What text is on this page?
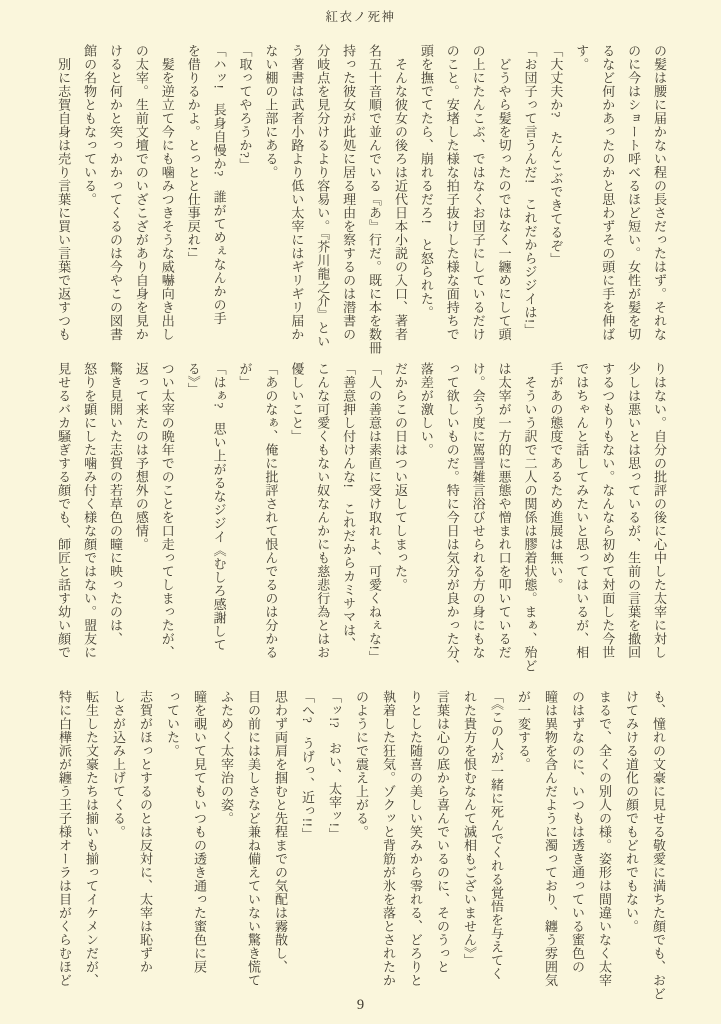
紅衣ノ死神
の髪は腰に届かない程の長さだったはず。それな
のに今はショート呼べるほど短い。女性が髪を切
るなど何かあったのかと思わずその頭に手を伸ば
す。
「大丈夫か?　たんこぶできてるぞ」
「お団子って言うんだ!　これだからジジイは!」
　どうやら髪を切ったのではなく一纏めにして頭
の上にたんこぶ、ではなくお団子にしているだけ
のこと。安堵した様な拍子抜けした様な面持ちで
頭を撫でてたら、崩れるだろ!　と怒られた。
　そんな彼女の後ろは近代日本小説の入口、著者
名五十音順で並んでいる『あ』行だ。既に本を数冊
持った彼女が此処に居る理由を察するのは潜書の
分岐点を見分けるより容易い。『芥川龍之介』とい
う著書は武者小路より低い太宰にはギリギリ届か
ない棚の上部にある。
「取ってやろうか?」
「ハッ!　長身自慢か?　誰がてめぇなんかの手
を借りるかよ。とっとと仕事戻れ!」
　髪を逆立て今にも噛みつきそうな威嚇向き出し
の太宰。生前文壇でのいざこざがあり自身を見か
けると何かと突っかかってくるのは今やこの図書
館の名物ともなっている。
　別に志賀自身は売り言葉に買い言葉で返すつも
りはない。自分の批評の後に心中した太宰に対し
少しは悪いとは思っているが、生前の言葉を撤回
するつもりもない。なんなら初めて対面した今世
ではちゃんと話してみたいと思ってはいるが、相
手があの態度であるため進展は無い。
　そういう訳で二人の関係は膠着状態。まぁ、殆ど
は太宰が一方的に悪態や憎まれ口を叩いているだ
け。会う度に罵詈雑言浴びせられる方の身にもな
って欲しいものだ。特に今日は気分が良かった分、
落差が激しい。
だからこの日はつい返してしまった。
「人の善意は素直に受け取れよ、可愛くねぇな!」
「善意押し付けんな!　これだからカミサマは、
こんな可愛くもない奴なんかにも慈悲行為とはお
優しいこと」
「あのなぁ、俺に批評されて恨んでるのは分かる
が」
「はぁ?　思い上がるなジジイ《むしろ感謝して
る》」
つい太宰の晩年でのことを口走ってしまったが、
返って来たのは予想外の感情。
驚き見開いた志賀の若草色の瞳に映ったのは、
怒りを顕にした噛み付く様な顔ではない。盟友に
見せるバカ騒ぎする顔でも、師匠と話す幼い顔で
も、憧れの文豪に見せる敬愛に満ちた顔でも、おど
けてみける道化の顔でもどれでもない。
まるで、全くの別人の様。姿形は間違いなく太宰
のはずなのに、いつもは透き通っている蜜色の
瞳は異物を含んだように濁っており、纏う雰囲気
が一変する。
「《この人が一緒に死んでくれる覚悟を与えてく
れた貴方を恨むなんて滅相もございません》」
言葉は心の底から喜んでいるのに、そのうっと
りとした随喜の美しい笑みから零れる、どろりと
執着した狂気。ゾクッと背筋が氷を落とされたか
のようにで震え上がる。
「ッ!?　おい、太宰ッ!」
「へ?　うげっ、近っ!!」
思わず両肩を掴むと先程までの気配は霧散し、
目の前には美しさなど兼ね備えていない驚き慌て
ふためく太宰治の姿。
瞳を覗いて見てもいつもの透き通った蜜色に戻
っていた。
志賀がほっとするのとは反対に、太宰は恥ずか
しさが込み上げてくる。
転生した文豪たちは揃いも揃ってイケメンだが、
特に白樺派が纏う王子様オーラは目がくらむほど
9
